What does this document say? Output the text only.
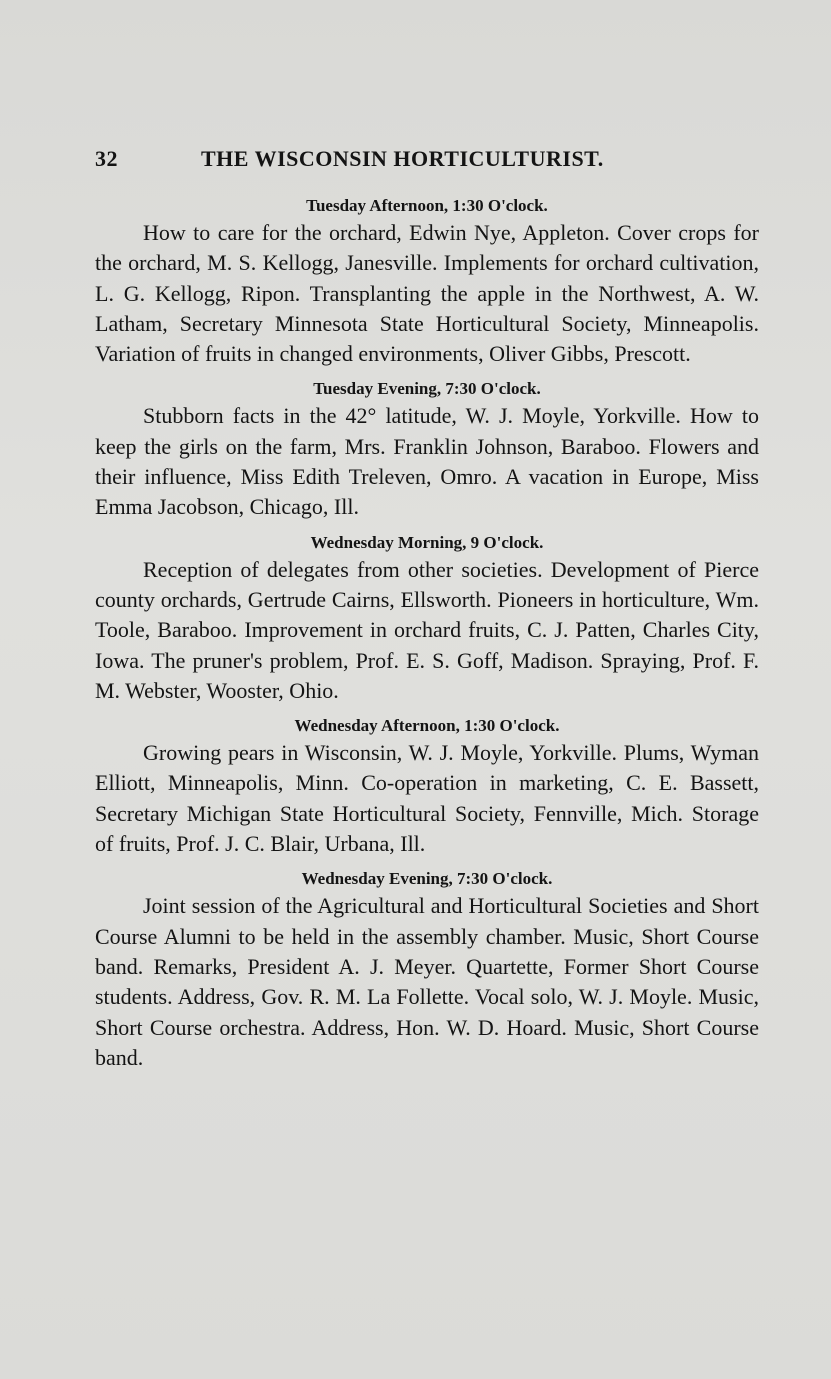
32	THE WISCONSIN HORTICULTURIST.

Tuesday Afternoon, 1:30 O'clock.

How to care for the orchard, Edwin Nye, Appleton. Cover crops for the orchard, M. S. Kellogg, Janesville. Implements for orchard cultivation, L. G. Kellogg, Ripon. Transplanting the apple in the Northwest, A. W. Latham, Secretary Minnesota State Horticultural Society, Minneapolis. Variation of fruits in changed environments, Oliver Gibbs, Prescott.

Tuesday Evening, 7:30 O'clock.

Stubborn facts in the 42° latitude, W. J. Moyle, Yorkville. How to keep the girls on the farm, Mrs. Franklin Johnson, Baraboo. Flowers and their influence, Miss Edith Treleven, Omro. A vacation in Europe, Miss Emma Jacobson, Chicago, Ill.

Wednesday Morning, 9 O'clock.

Reception of delegates from other societies. Development of Pierce county orchards, Gertrude Cairns, Ellsworth. Pioneers in horticulture, Wm. Toole, Baraboo. Improvement in orchard fruits, C. J. Patten, Charles City, Iowa. The pruner's problem, Prof. E. S. Goff, Madison. Spraying, Prof. F. M. Webster, Wooster, Ohio.

Wednesday Afternoon, 1:30 O'clock.

Growing pears in Wisconsin, W. J. Moyle, Yorkville. Plums, Wyman Elliott, Minneapolis, Minn. Co-operation in marketing, C. E. Bassett, Secretary Michigan State Horticultural Society, Fennville, Mich. Storage of fruits, Prof. J. C. Blair, Urbana, Ill.

Wednesday Evening, 7:30 O'clock.

Joint session of the Agricultural and Horticultural Societies and Short Course Alumni to be held in the assembly chamber. Music, Short Course band. Remarks, President A. J. Meyer. Quartette, Former Short Course students. Address, Gov. R. M. La Follette. Vocal solo, W. J. Moyle. Music, Short Course orchestra. Address, Hon. W. D. Hoard. Music, Short Course band.
